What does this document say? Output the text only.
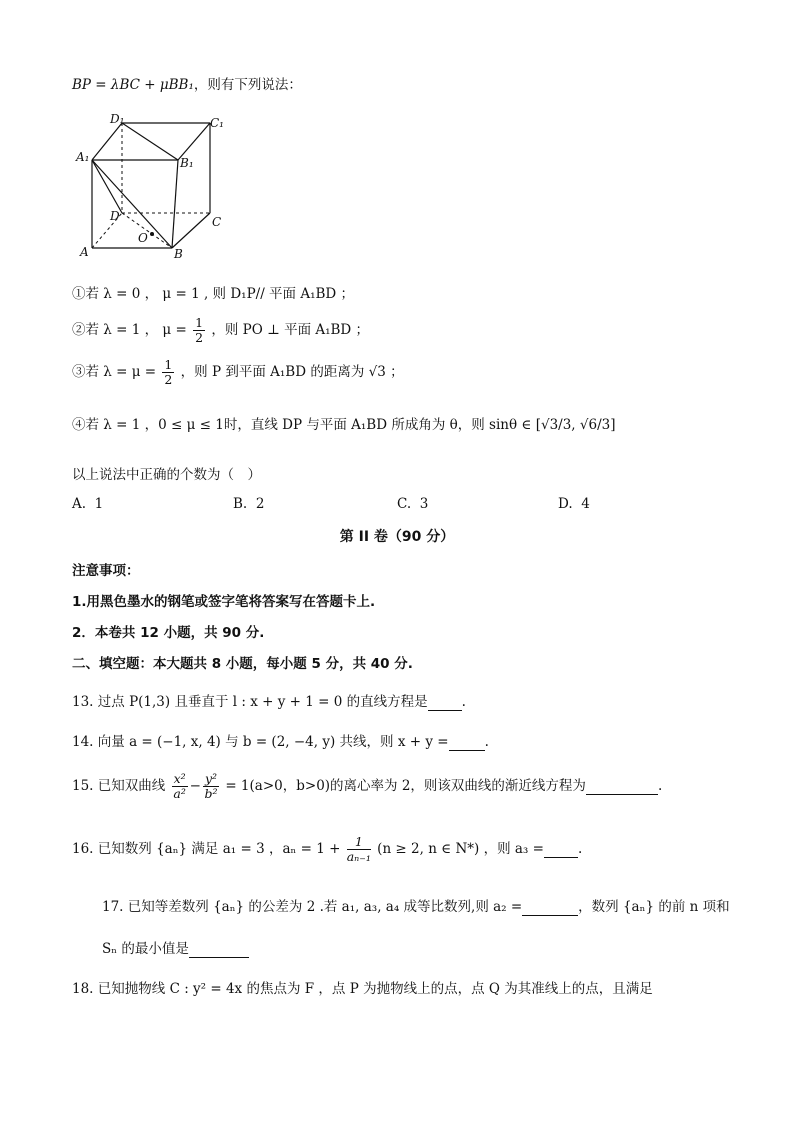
BP = λBC + μBB₁，则有下列说法：
D₁	C₁
A₁	B₁
D	C
O
A	B
①若 λ = 0 ， μ = 1 , 则 D₁P// 平面 A₁BD ；
②若 λ = 1 ， $\mu = \frac{1}{2}$ ，则 PO ⊥ 平面 A₁BD ；
③若 $\lambda = \mu = \frac{1}{2}$ ，则 P 到平面 A₁BD 的距离为 √3 ；
④若 λ = 1 ，0 ≤ μ ≤ 1时，直线 DP 与平面 A₁BD 所成角为 θ，则 sinθ ∈ [√3/3, √6/3]
以上说法中正确的个数为（　）
A. 1	B. 2	C. 3	D. 4
第 II 卷（90 分）
注意事项：
1.用黑色墨水的钢笔或签字笔将答案写在答题卡上.
2．本卷共 12 小题，共 90 分.
二、填空题：本大题共 8 小题，每小题 5 分，共 40 分.
13. 过点 P(1,3) 且垂直于 l : x + y + 1 = 0 的直线方程是	.
14. 向量 a = (−1, x, 4) 与 b = (2, −4, y) 共线，则 x + y =	.
15. 已知双曲线 $\frac{\text{x²}}{\text{a²}} - \frac{\text{y²}}{\text{b²}} = 1(a>0$，b>0)的离心率为 2，则该双曲线的渐近线方程为	.
16. 已知数列 {aₙ} 满足 a₁ = 3 ，$a_n = 1 + \frac{1}{\text{aₙ₋₁}} (n \ge 2$, n ∈ N*) ，则 a₃ =	.
17. 已知等差数列 {aₙ} 的公差为 2 .若 a₁, a₃, a₄ 成等比数列,则 a₂ =	，数列 {aₙ} 的前 n 项和
Sₙ 的最小值是
18. 已知抛物线 C : y² = 4x 的焦点为 F ，点 P 为抛物线上的点，点 Q 为其准线上的点，且满足
